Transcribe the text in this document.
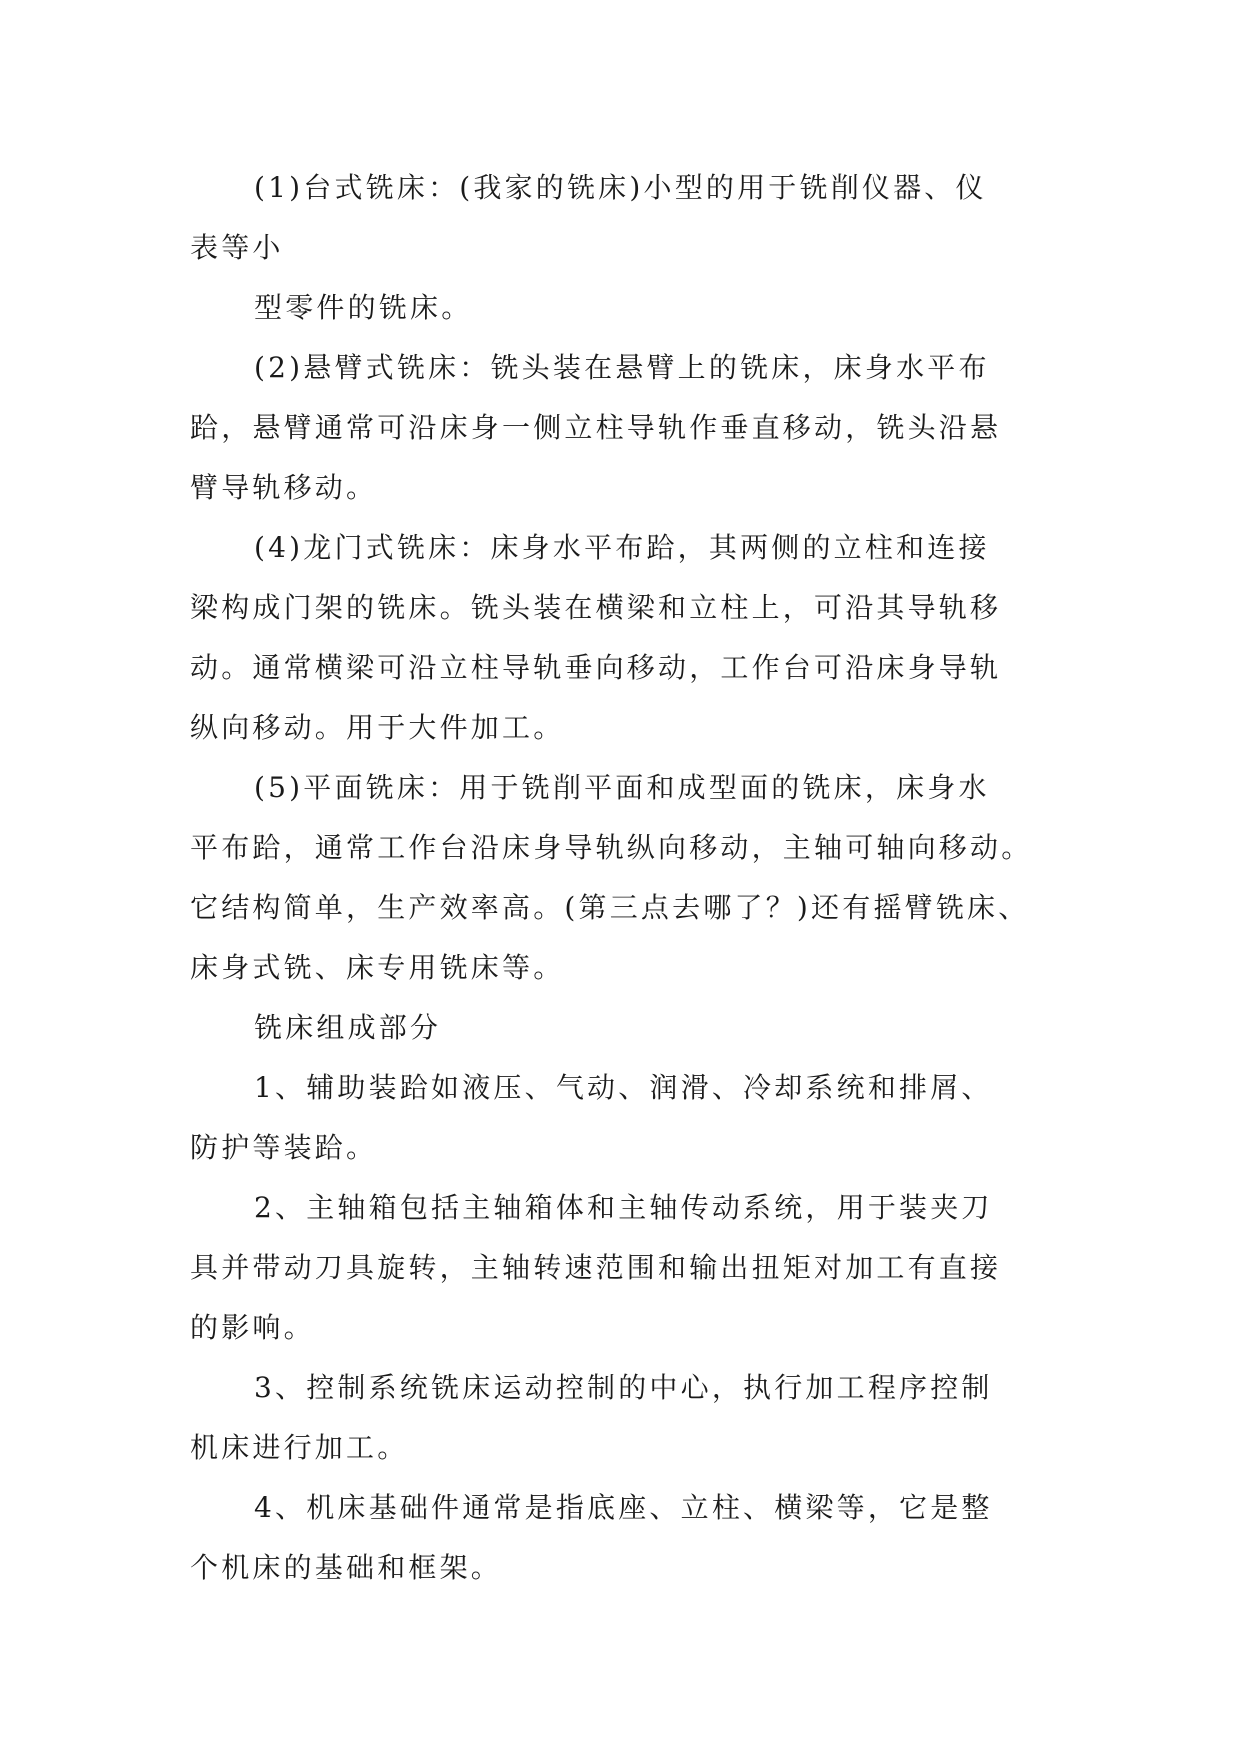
(1)台式铣床：(我家的铣床)小型的用于铣削仪器、仪
表等小
型零件的铣床。
(2)悬臂式铣床：铣头装在悬臂上的铣床，床身水平布
跲，悬臂通常可沿床身一侧立柱导轨作垂直移动，铣头沿悬
臂导轨移动。
(4)龙门式铣床：床身水平布跲，其两侧的立柱和连接
梁构成门架的铣床。铣头装在横梁和立柱上，可沿其导轨移
动。通常横梁可沿立柱导轨垂向移动，工作台可沿床身导轨
纵向移动。用于大件加工。
(5)平面铣床：用于铣削平面和成型面的铣床，床身水
平布跲，通常工作台沿床身导轨纵向移动，主轴可轴向移动。
它结构简单，生产效率高。(第三点去哪了？)还有摇臂铣床、
床身式铣、床专用铣床等。
铣床组成部分
1、辅助装跲如液压、气动、润滑、冷却系统和排屑、
防护等装跲。
2、主轴箱包括主轴箱体和主轴传动系统，用于装夹刀
具并带动刀具旋转，主轴转速范围和输出扭矩对加工有直接
的影响。
3、控制系统铣床运动控制的中心，执行加工程序控制
机床进行加工。
4、机床基础件通常是指底座、立柱、横梁等，它是整
个机床的基础和框架。
